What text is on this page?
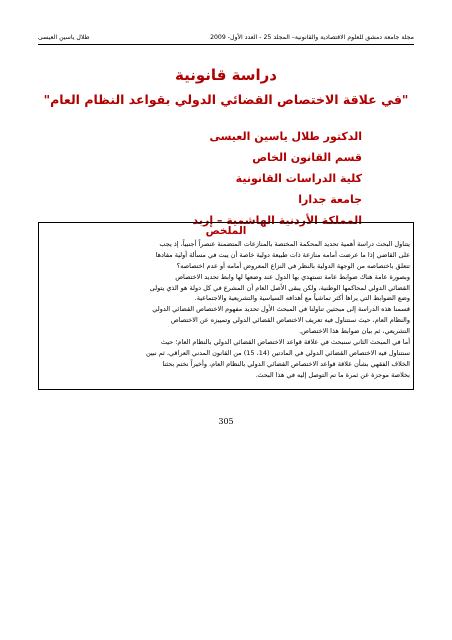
طلال ياسين العيسى	مجلة جامعة دمشق للعلوم الاقتصادية والقانونية– المجلد 25 - العدد الأول- 2009
دراسة قانونية
"في علاقة الاختصاص القضائي الدولي بقواعد النظام العام"
الدكتور طلال ياسين العيسى
قسم القانون الخاص
كلية الدراسات القانونية
جامعة جدارا
المملكة الأردنية الهاشمية – إربد
الملخص
يتناول البحث دراسة أهمية تحديد المحكمة المختصة بالمنازعات المتضمنة عنصراً أجنبياً، إذ يجب
على القاضي إذا ما عرضت أمامه منازعة ذات طبيعة دولية خاصة أن يبت في مسألة أولية مفادها
تتعلق باختصاصه من الوجهة الدولية بالنظر في النزاع المعروض أمامه أو عدم اختصاصه؟
وبصورة عامة هناك ضوابط عامة تستهدي بها الدول عند وضعها لها وابط تحديد الاختصاص
القضائي الدولي لمحاكمها الوطنية، ولكن يبقى الأصل العام أن المشرع في كل دولة هو الذي يتولى
وضع الضوابط التي يراها أكثر تماشياً مع أهدافه السياسية والتشريعية والاجتماعية.
قسمنا هذه الدراسة إلى مبحثين تناولنا في المبحث الأول تحديد مفهوم الاختصاص القضائي الدولي
والنظام العام، حيث سنتناول فيه تعريف الاختصاص القضائي الدولي وتمييزه عن الاختصاص
التشريعي، ثم بيان ضوابط هذا الاختصاص.
أما في المبحث الثاني سنبحث في علاقة قواعد الاختصاص القضائي الدولي بالنظام العام؛ حيث
سنتناول فيه الاختصاص القضائي الدولي في المادتين (14، 15) من القانون المدني العراقي، ثم نبين
الخلاف الفقهي بشأن علاقة قواعد الاختصاص القضائي الدولي بالنظام العام، وأخيراً نختم بحثنا
بخلاصة موجزة عن ثمرة ما تم التوصل إليه في هذا البحث.
305
